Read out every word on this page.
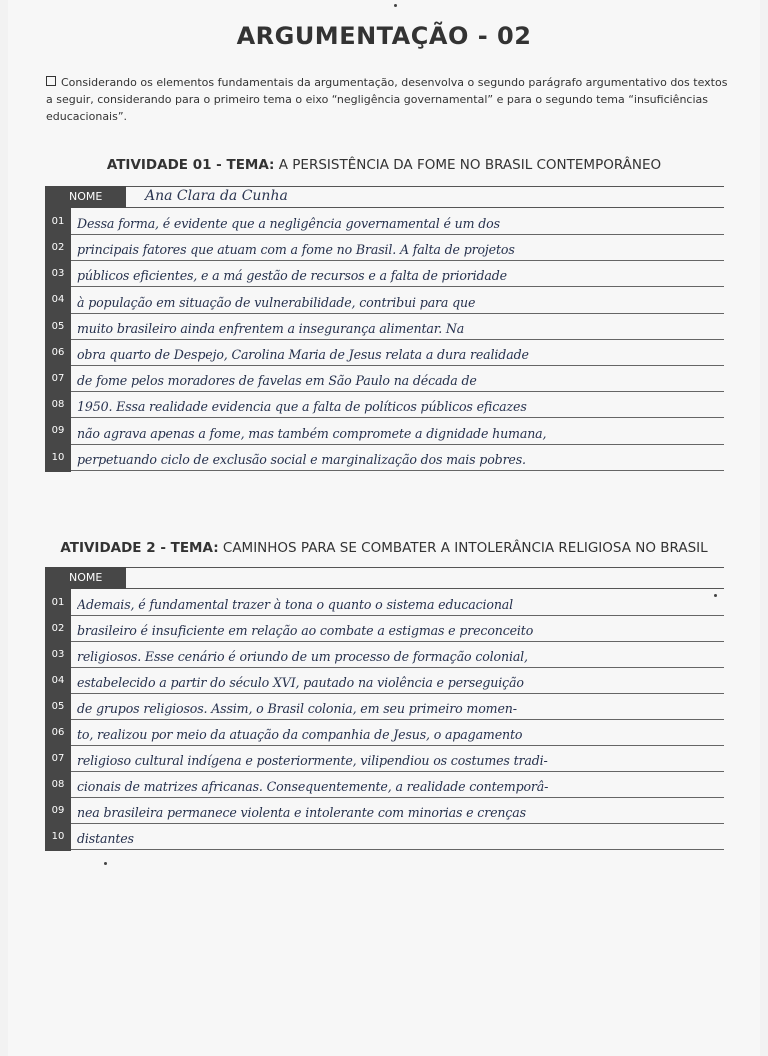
ARGUMENTAÇÃO - 02
Considerando os elementos fundamentais da argumentação, desenvolva o segundo parágrafo argumentativo dos textos a seguir, considerando para o primeiro tema o eixo “negligência governamental” e para o segundo tema “insuficiências educacionais”.
ATIVIDADE 01 - TEMA: A PERSISTÊNCIA DA FOME NO BRASIL CONTEMPORÂNEO
NOME	Ana Clara da Cunha
01	Dessa forma, é evidente que a negligência governamental é um dos
02	principais fatores que atuam com a fome no Brasil. A falta de projetos
03	públicos eficientes, e a má gestão de recursos e a falta de prioridade
04	à população em situação de vulnerabilidade, contribui para que
05	muito brasileiro ainda enfrentem a insegurança alimentar. Na
06	obra quarto de Despejo, Carolina Maria de Jesus relata a dura realidade
07	de fome pelos moradores de favelas em São Paulo na década de
08	1950. Essa realidade evidencia que a falta de políticos públicos eficazes
09	não agrava apenas a fome, mas também compromete a dignidade humana,
10	perpetuando ciclo de exclusão social e marginalização dos mais pobres.
ATIVIDADE 2 - TEMA: CAMINHOS PARA SE COMBATER A INTOLERÂNCIA RELIGIOSA NO BRASIL
NOME
01	Ademais, é fundamental trazer à tona o quanto o sistema educacional
02	brasileiro é insuficiente em relação ao combate a estigmas e preconceito
03	religiosos. Esse cenário é oriundo de um processo de formação colonial,
04	estabelecido a partir do século XVI, pautado na violência e perseguição
05	de grupos religiosos. Assim, o Brasil colonia, em seu primeiro momen-
06	to, realizou por meio da atuação da companhia de Jesus, o apagamento
07	religioso cultural indígena e posteriormente, vilipendiou os costumes tradi-
08	cionais de matrizes africanas. Consequentemente, a realidade contemporâ-
09	nea brasileira permanece violenta e intolerante com minorias e crenças
10	distantes
